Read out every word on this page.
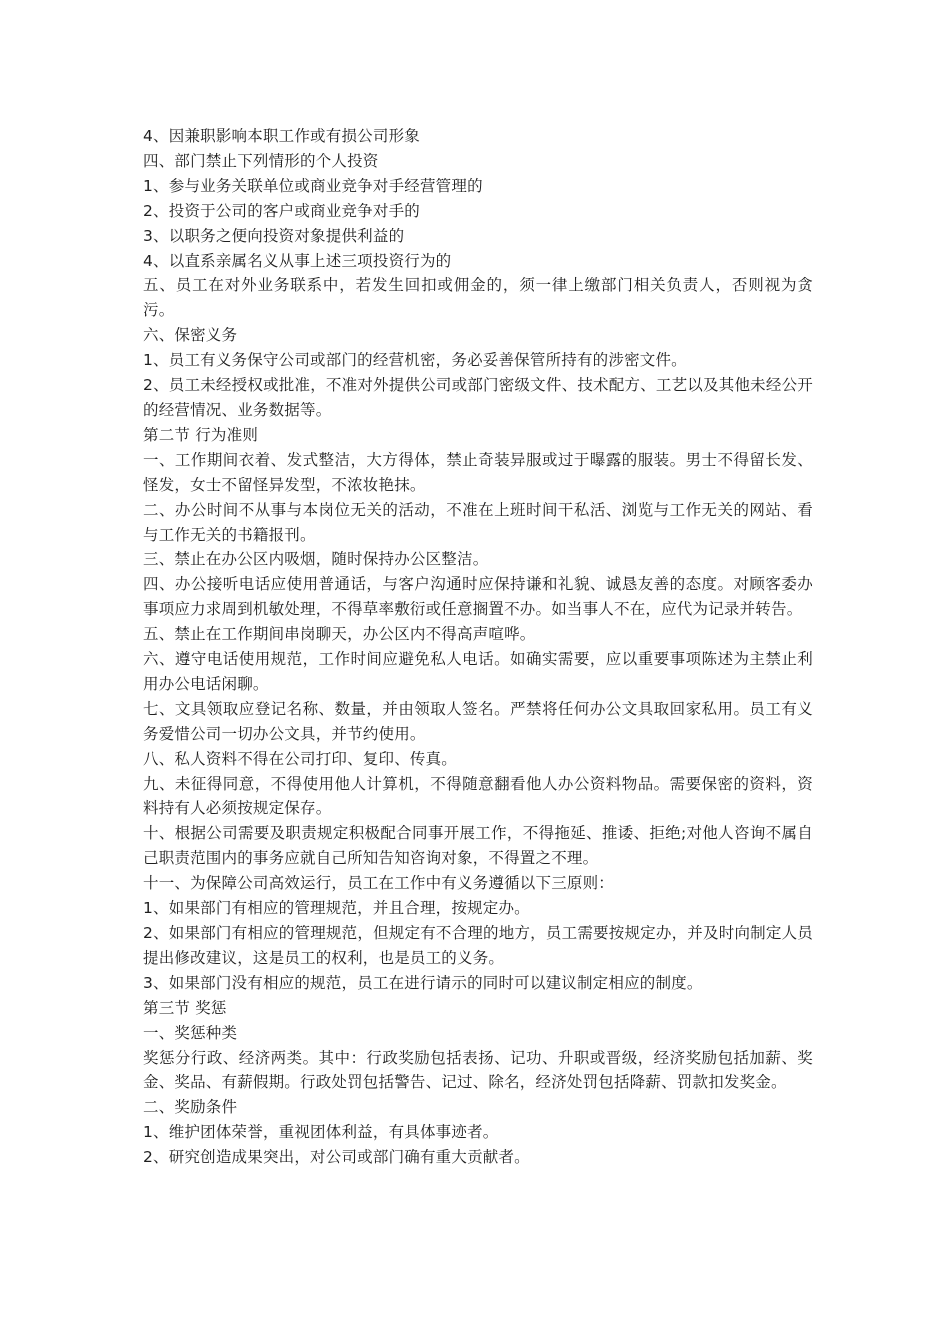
4、因兼职影响本职工作或有损公司形象

四、部门禁止下列情形的个人投资

1、参与业务关联单位或商业竞争对手经营管理的

2、投资于公司的客户或商业竞争对手的

3、以职务之便向投资对象提供利益的

4、以直系亲属名义从事上述三项投资行为的

五、员工在对外业务联系中，若发生回扣或佣金的，须一律上缴部门相关负责人，否则视为贪污。

六、保密义务

1、员工有义务保守公司或部门的经营机密，务必妥善保管所持有的涉密文件。

2、员工未经授权或批准，不准对外提供公司或部门密级文件、技术配方、工艺以及其他未经公开的经营情况、业务数据等。

第二节 行为准则

一、工作期间衣着、发式整洁，大方得体，禁止奇装异服或过于曝露的服装。男士不得留长发、怪发，女士不留怪异发型，不浓妆艳抹。

二、办公时间不从事与本岗位无关的活动，不准在上班时间干私活、浏览与工作无关的网站、看与工作无关的书籍报刊。

三、禁止在办公区内吸烟，随时保持办公区整洁。

四、办公接听电话应使用普通话，与客户沟通时应保持谦和礼貌、诚恳友善的态度。对顾客委办事项应力求周到机敏处理，不得草率敷衍或任意搁置不办。如当事人不在，应代为记录并转告。

五、禁止在工作期间串岗聊天，办公区内不得高声喧哗。

六、遵守电话使用规范，工作时间应避免私人电话。如确实需要，应以重要事项陈述为主禁止利用办公电话闲聊。

七、文具领取应登记名称、数量，并由领取人签名。严禁将任何办公文具取回家私用。员工有义务爱惜公司一切办公文具，并节约使用。

八、私人资料不得在公司打印、复印、传真。

九、未征得同意，不得使用他人计算机，不得随意翻看他人办公资料物品。需要保密的资料，资料持有人必须按规定保存。

十、根据公司需要及职责规定积极配合同事开展工作，不得拖延、推诿、拒绝;对他人咨询不属自己职责范围内的事务应就自己所知告知咨询对象，不得置之不理。

十一、为保障公司高效运行，员工在工作中有义务遵循以下三原则：

1、如果部门有相应的管理规范，并且合理，按规定办。

2、如果部门有相应的管理规范，但规定有不合理的地方，员工需要按规定办，并及时向制定人员提出修改建议，这是员工的权利，也是员工的义务。

3、如果部门没有相应的规范，员工在进行请示的同时可以建议制定相应的制度。

第三节 奖惩

一、奖惩种类

奖惩分行政、经济两类。其中：行政奖励包括表扬、记功、升职或晋级，经济奖励包括加薪、奖金、奖品、有薪假期。行政处罚包括警告、记过、除名，经济处罚包括降薪、罚款扣发奖金。

二、奖励条件

1、维护团体荣誉，重视团体利益，有具体事迹者。

2、研究创造成果突出，对公司或部门确有重大贡献者。
